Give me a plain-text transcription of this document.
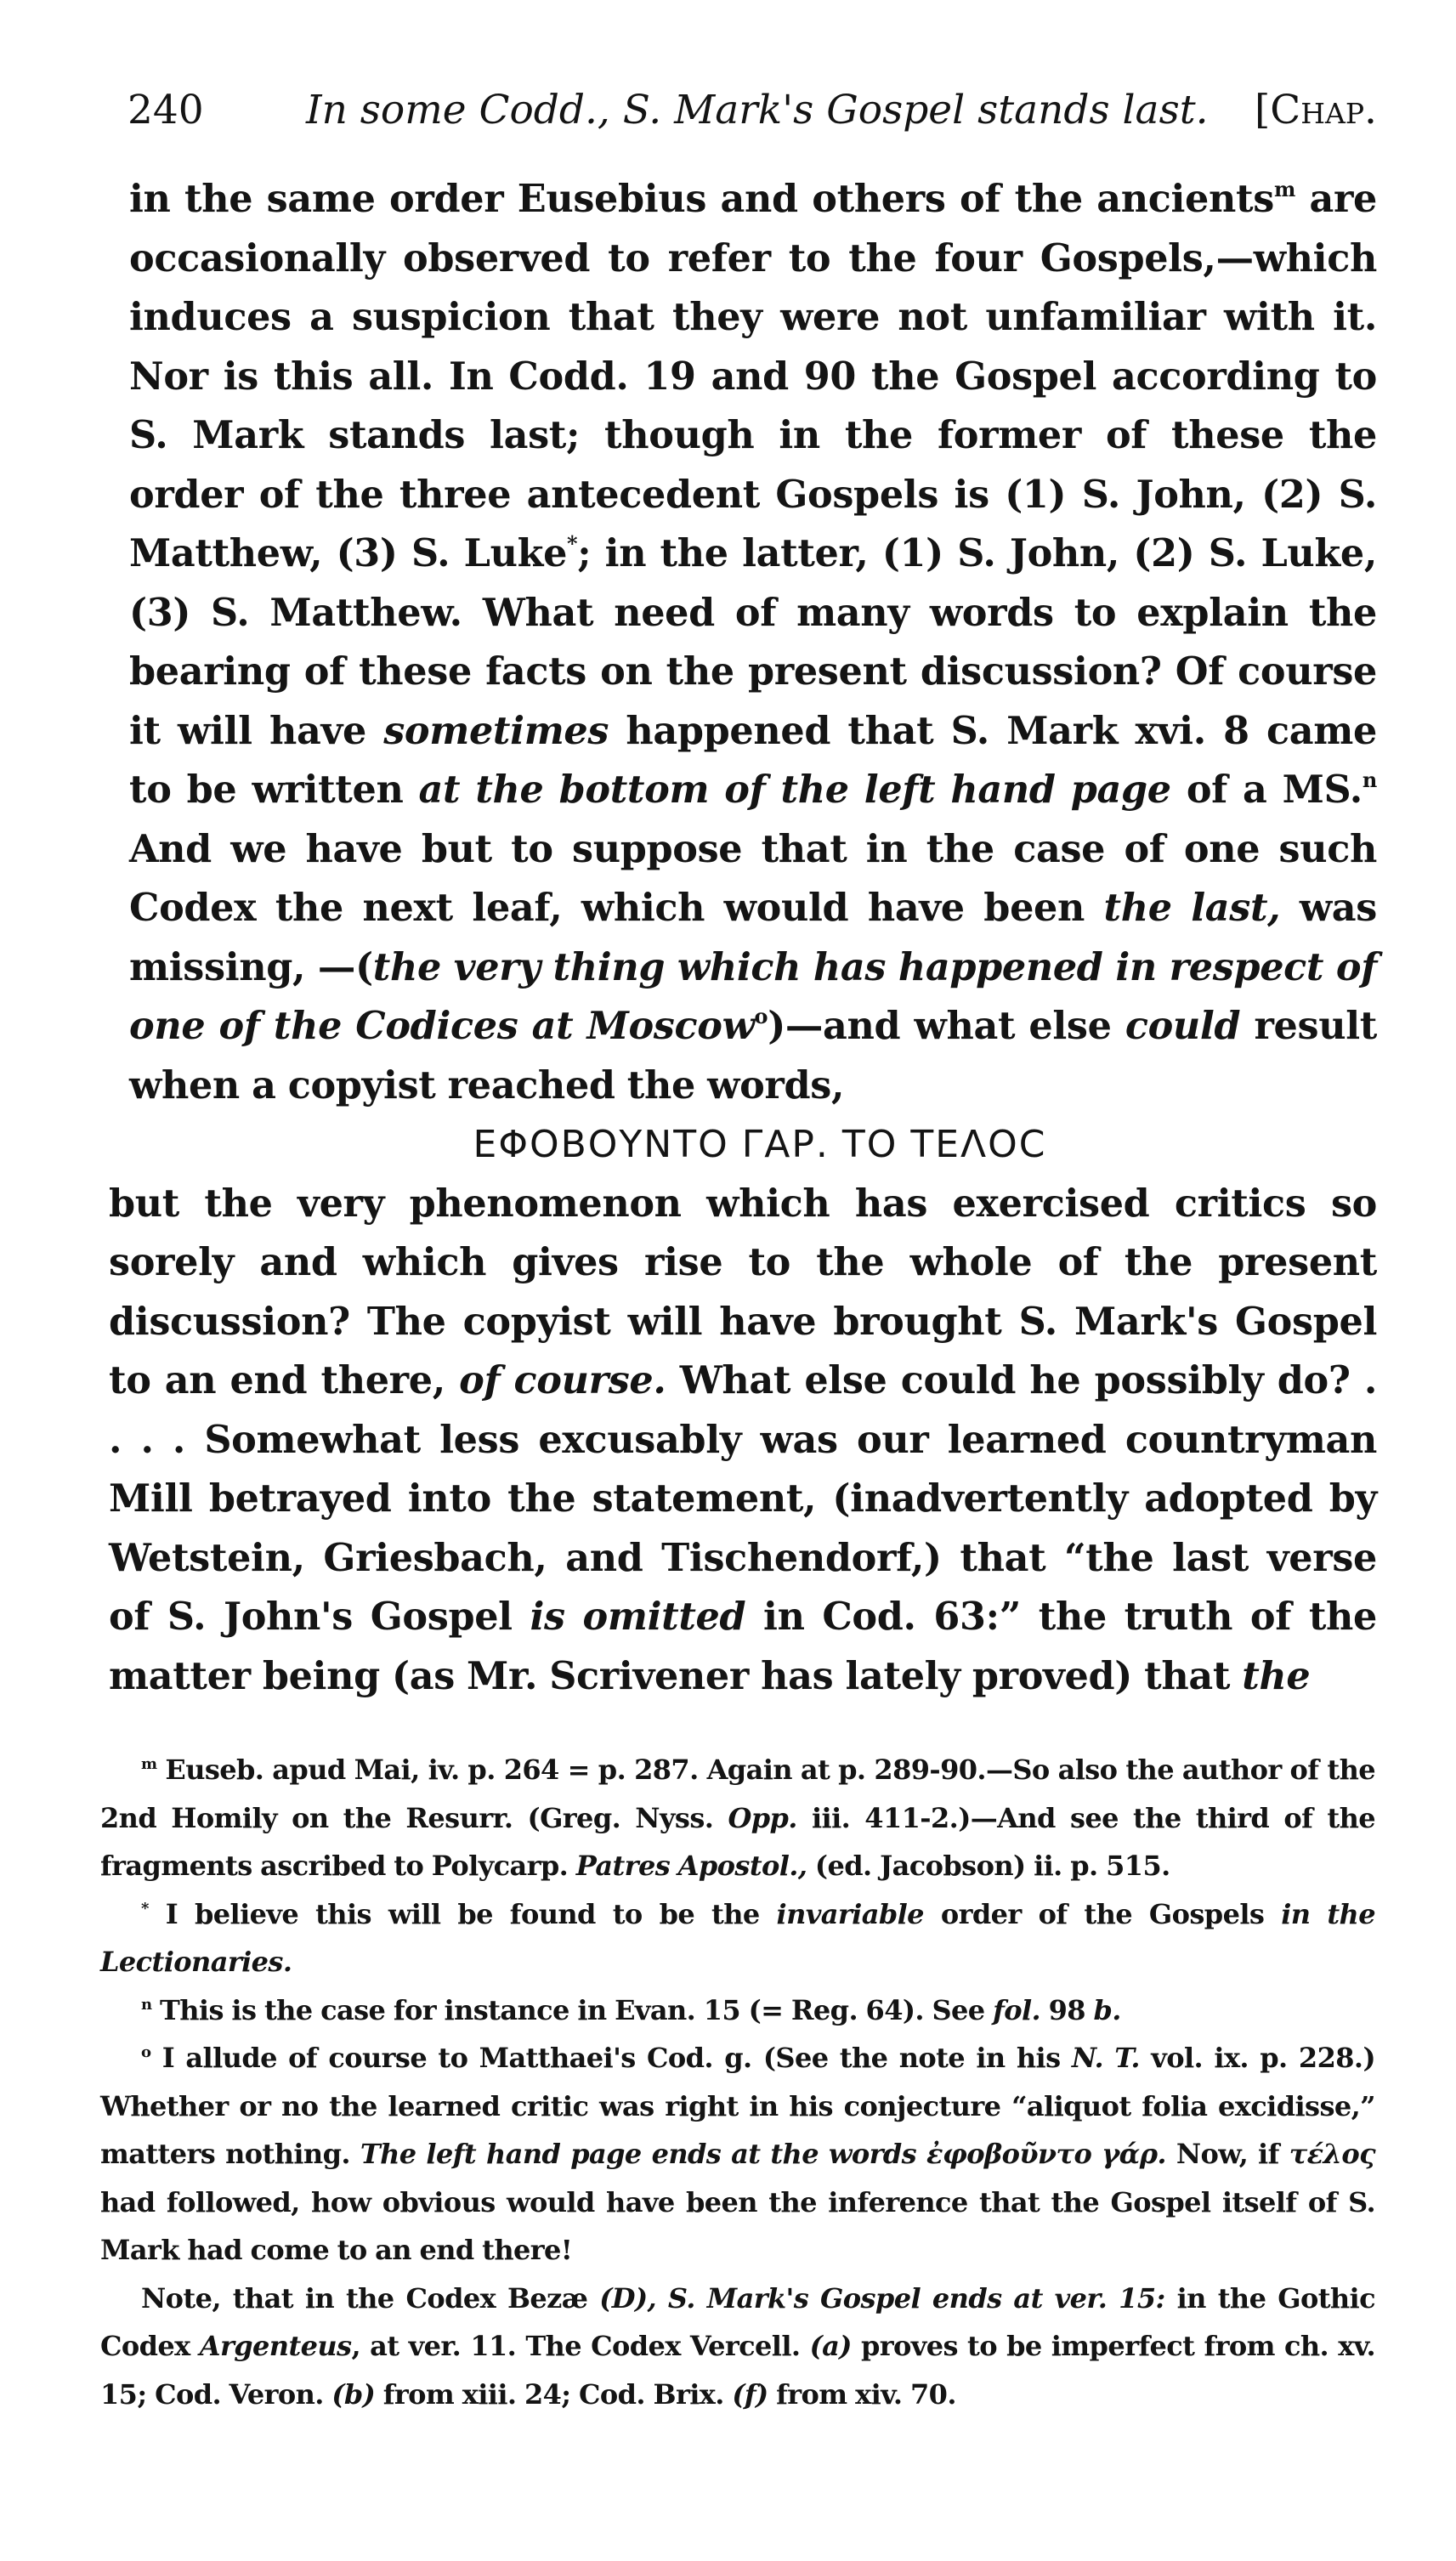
240	In some Codd., S. Mark's Gospel stands last. [Chap.

in the same order Eusebius and others of the ancients$^m$ are occasionally observed to refer to the four Gospels,—which induces a suspicion that they were not unfamiliar with it. Nor is this all. In Codd. 19 and 90 the Gospel according to S. Mark stands last; though in the former of these the order of the three antecedent Gospels is (1) S. John, (2) S. Matthew, (3) S. Luke*; in the latter, (1) S. John, (2) S. Luke, (3) S. Matthew. What need of many words to explain the bearing of these facts on the present discussion? Of course it will have sometimes happened that S. Mark xvi. 8 came to be written at the bottom of the left hand page of a MS.$^n$ And we have but to suppose that in the case of one such Codex the next leaf, which would have been the last, was missing, —(the very thing which has happened in respect of one of the Codices at Moscow$^o$)—and what else could result when a copyist reached the words,

ΕΦΟΒΟΥΝΤΟ ΓΑΡ. ΤΟ ΤΕΛΟϹ

but the very phenomenon which has exercised critics so sorely and which gives rise to the whole of the present discussion? The copyist will have brought S. Mark's Gospel to an end there, of course. What else could he possibly do? . . . . Somewhat less excusably was our learned countryman Mill betrayed into the statement, (inadvertently adopted by Wetstein, Griesbach, and Tischendorf,) that “the last verse of S. John's Gospel is omitted in Cod. 63:” the truth of the matter being (as Mr. Scrivener has lately proved) that the

$^m$ Euseb. apud Mai, iv. p. 264 = p. 287. Again at p. 289-90.—So also the author of the 2nd Homily on the Resurr. (Greg. Nyss. Opp. iii. 411-2.)—And see the third of the fragments ascribed to Polycarp. Patres Apostol., (ed. Jacobson) ii. p. 515.

* I believe this will be found to be the invariable order of the Gospels in the Lectionaries.

$^n$ This is the case for instance in Evan. 15 (= Reg. 64). See fol. 98 b.

$^o$ I allude of course to Matthaei's Cod. g. (See the note in his N. T. vol. ix. p. 228.) Whether or no the learned critic was right in his conjecture “aliquot folia excidisse,” matters nothing. The left hand page ends at the words ἐφοβοῦντο γάρ. Now, if τέλος had followed, how obvious would have been the inference that the Gospel itself of S. Mark had come to an end there!

Note, that in the Codex Bezæ (D), S. Mark's Gospel ends at ver. 15: in the Gothic Codex Argenteus, at ver. 11. The Codex Vercell. (a) proves to be imperfect from ch. xv. 15; Cod. Veron. (b) from xiii. 24; Cod. Brix. (f) from xiv. 70.
